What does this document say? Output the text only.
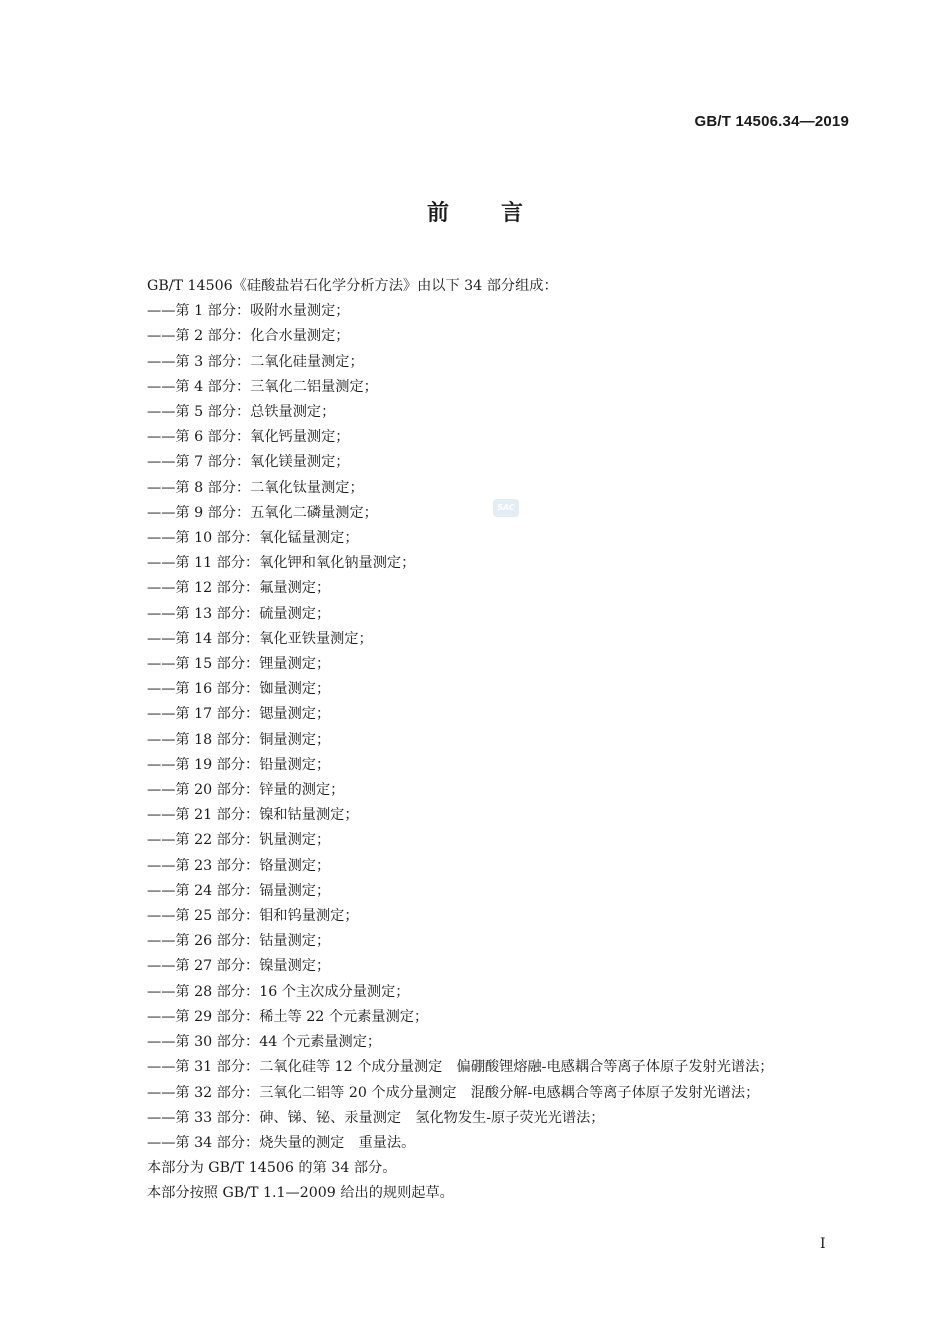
GB/T 14506.34—2019
前言
SAC
GB/T 14506《硅酸盐岩石化学分析方法》由以下 34 部分组成：
——第 1 部分：吸附水量测定；
——第 2 部分：化合水量测定；
——第 3 部分：二氧化硅量测定；
——第 4 部分：三氧化二铝量测定；
——第 5 部分：总铁量测定；
——第 6 部分：氧化钙量测定；
——第 7 部分：氧化镁量测定；
——第 8 部分：二氧化钛量测定；
——第 9 部分：五氧化二磷量测定；
——第 10 部分：氧化锰量测定；
——第 11 部分：氧化钾和氧化钠量测定；
——第 12 部分：氟量测定；
——第 13 部分：硫量测定；
——第 14 部分：氧化亚铁量测定；
——第 15 部分：锂量测定；
——第 16 部分：铷量测定；
——第 17 部分：锶量测定；
——第 18 部分：铜量测定；
——第 19 部分：铅量测定；
——第 20 部分：锌量的测定；
——第 21 部分：镍和钴量测定；
——第 22 部分：钒量测定；
——第 23 部分：铬量测定；
——第 24 部分：镉量测定；
——第 25 部分：钼和钨量测定；
——第 26 部分：钴量测定；
——第 27 部分：镍量测定；
——第 28 部分：16 个主次成分量测定；
——第 29 部分：稀土等 22 个元素量测定；
——第 30 部分：44 个元素量测定；
——第 31 部分：二氧化硅等 12 个成分量测定　偏硼酸锂熔融-电感耦合等离子体原子发射光谱法；
——第 32 部分：三氧化二铝等 20 个成分量测定　混酸分解-电感耦合等离子体原子发射光谱法；
——第 33 部分：砷、锑、铋、汞量测定　氢化物发生-原子荧光光谱法；
——第 34 部分：烧失量的测定　重量法。
本部分为 GB/T 14506 的第 34 部分。
本部分按照 GB/T 1.1—2009 给出的规则起草。
I
